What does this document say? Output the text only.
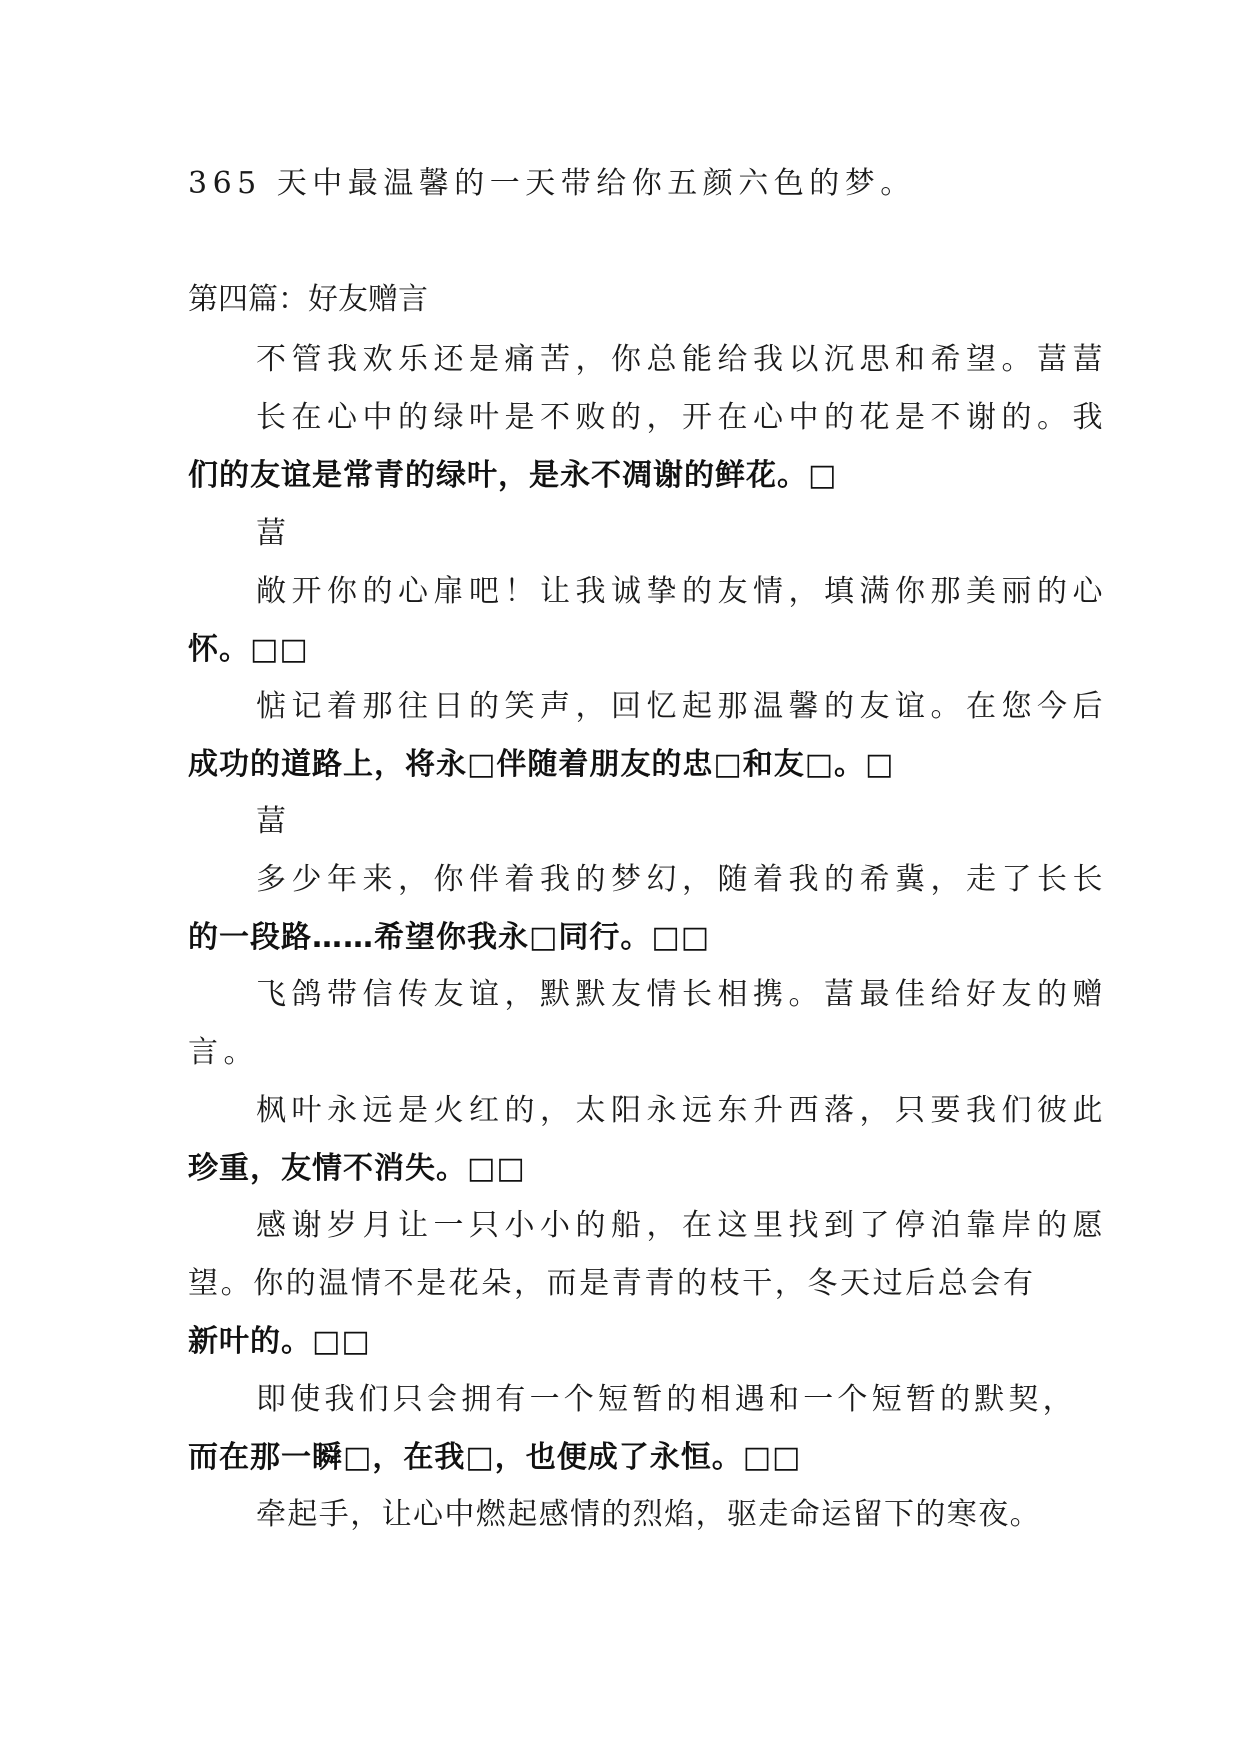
365 天中最温馨的一天带给你五颜六色的梦。
第四篇：好友赠言
不管我欢乐还是痛苦，你总能给我以沉思和希望。葍葍
长在心中的绿叶是不败的，开在心中的花是不谢的。我
们的友谊是常青的绿叶，是永不凋谢的鲜花。□
葍
敞开你的心扉吧！让我诚挚的友情，填满你那美丽的心
怀。□□
惦记着那往日的笑声，回忆起那温馨的友谊。在您今后
成功的道路上，将永□伴随着朋友的忠□和友□。□
葍
多少年来，你伴着我的梦幻，随着我的希冀，走了长长
的一段路……希望你我永□同行。□□
飞鸽带信传友谊，默默友情长相携。葍最佳给好友的赠
言。
枫叶永远是火红的，太阳永远东升西落，只要我们彼此
珍重，友情不消失。□□
感谢岁月让一只小小的船，在这里找到了停泊靠岸的愿
望。你的温情不是花朵，而是青青的枝干，冬天过后总会有
新叶的。□□
即使我们只会拥有一个短暂的相遇和一个短暂的默契，
而在那一瞬□，在我□，也便成了永恒。□□
牵起手，让心中燃起感情的烈焰，驱走命运留下的寒夜。
